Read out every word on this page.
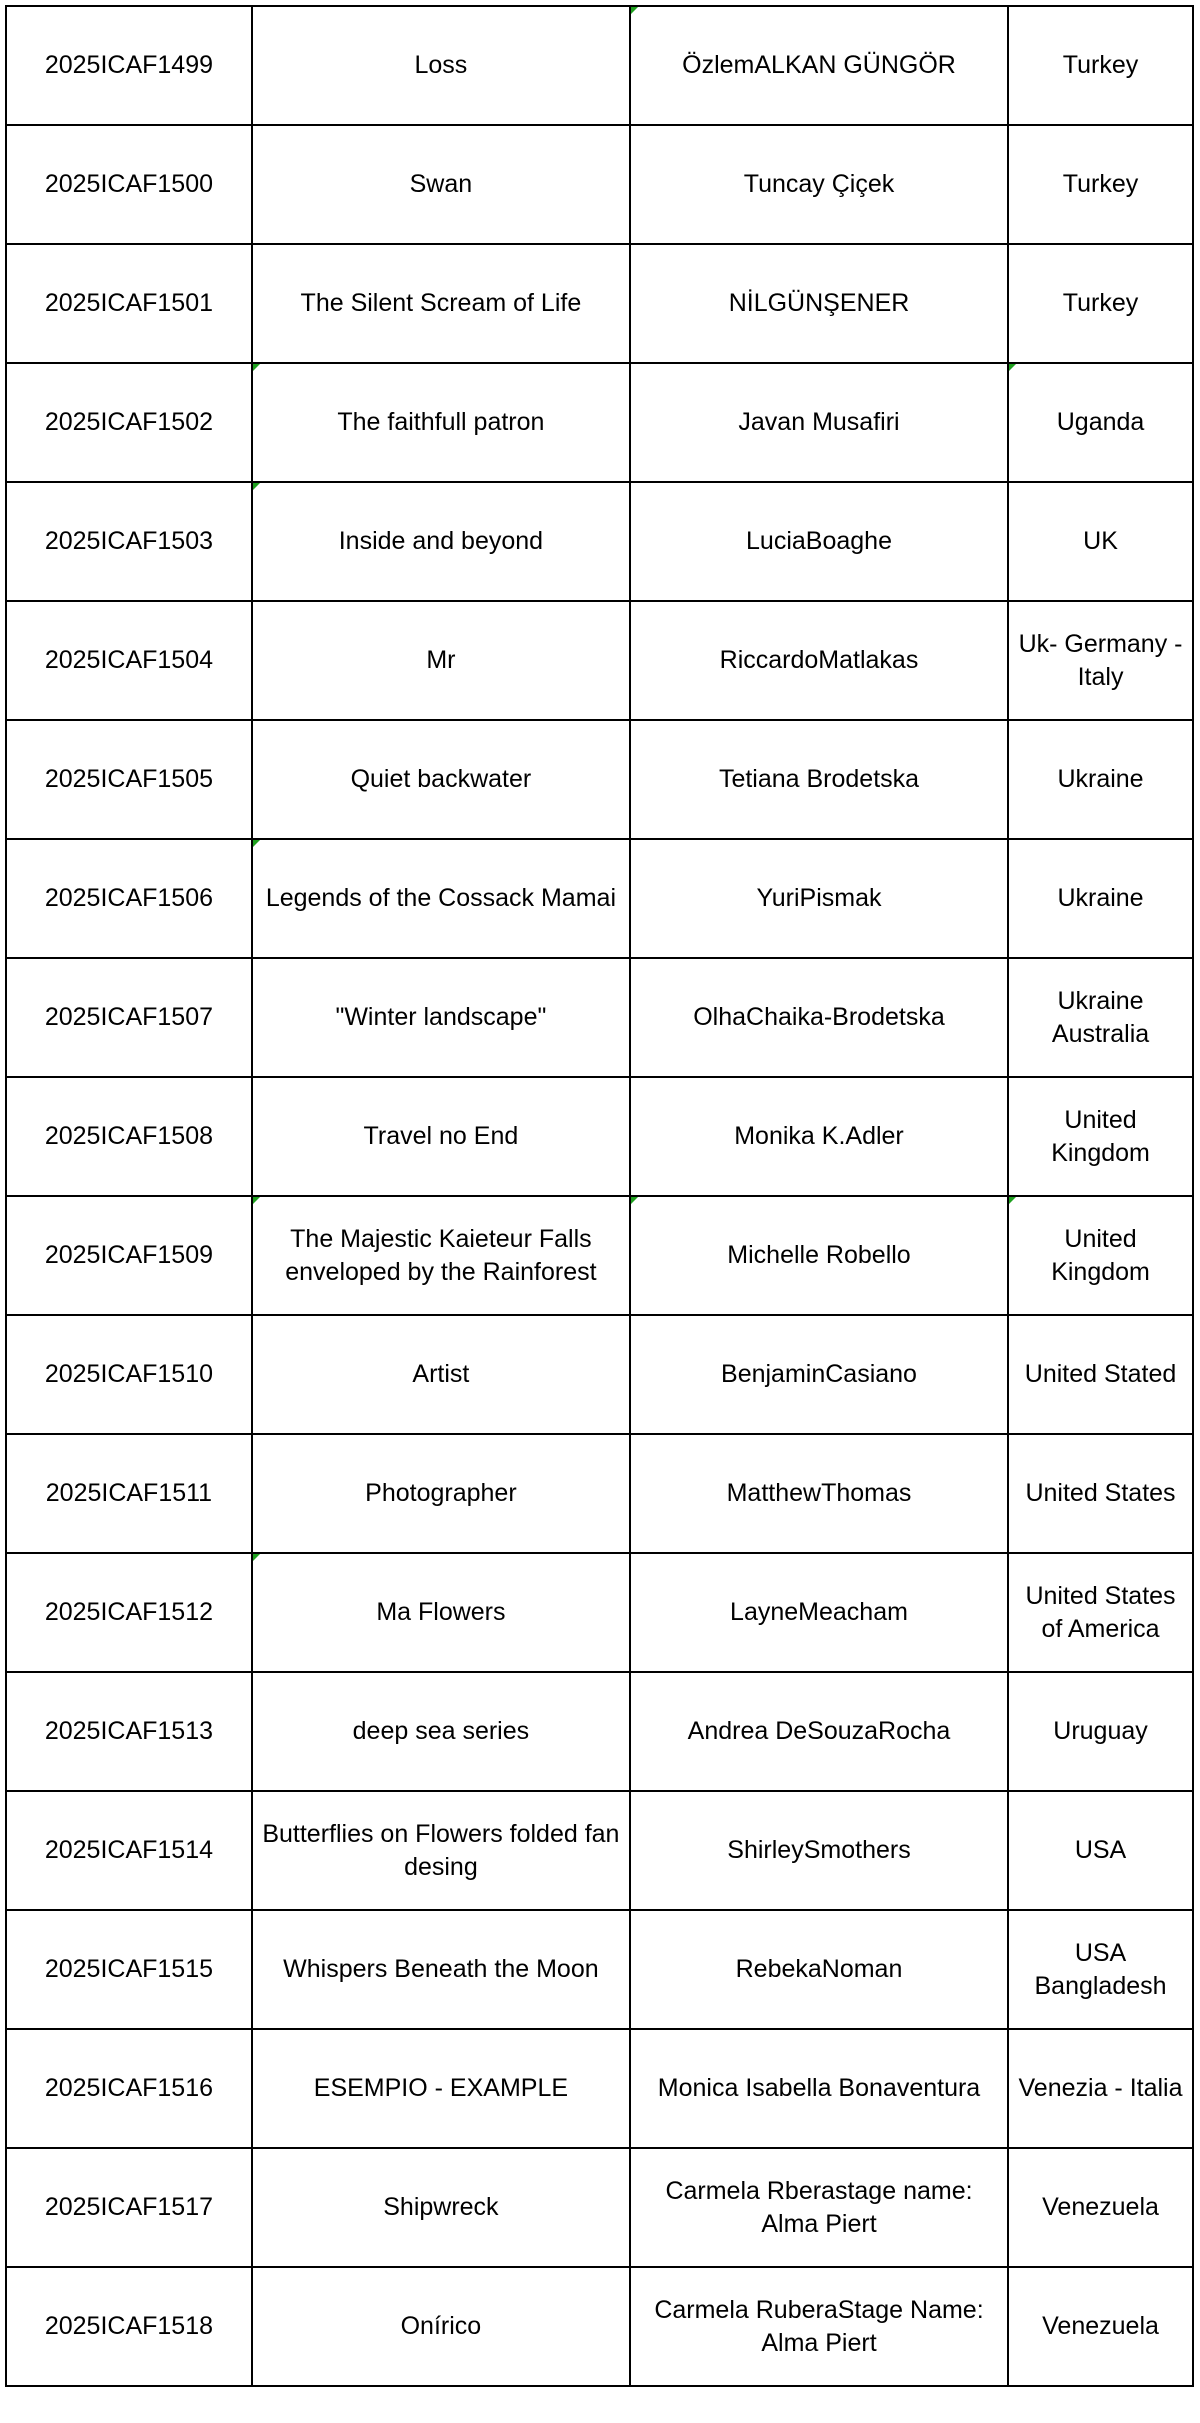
2025ICAF1499	Loss	ÖzlemALKAN GÜNGÖR	Turkey
2025ICAF1500	Swan	Tuncay Çiçek	Turkey
2025ICAF1501	The Silent Scream of Life	NİLGÜNŞENER	Turkey
2025ICAF1502	The faithfull patron	Javan Musafiri	Uganda
2025ICAF1503	Inside and beyond	LuciaBoaghe	UK
2025ICAF1504	Mr	RiccardoMatlakas	Uk- Germany - Italy
2025ICAF1505	Quiet backwater	Tetiana Brodetska	Ukraine
2025ICAF1506	Legends of the Cossack Mamai	YuriPismak	Ukraine
2025ICAF1507	"Winter landscape"	OlhaChaika-Brodetska	Ukraine Australia
2025ICAF1508	Travel no End	Monika K.Adler	United Kingdom
2025ICAF1509	The Majestic Kaieteur Falls enveloped by the Rainforest	Michelle Robello	United Kingdom
2025ICAF1510	Artist	BenjaminCasiano	United Stated
2025ICAF1511	Photographer	MatthewThomas	United States
2025ICAF1512	Ma Flowers	LayneMeacham	United States of America
2025ICAF1513	deep sea series	Andrea DeSouzaRocha	Uruguay
2025ICAF1514	Butterflies on Flowers folded fan desing	ShirleySmothers	USA
2025ICAF1515	Whispers Beneath the Moon	RebekaNoman	USA Bangladesh
2025ICAF1516	ESEMPIO - EXAMPLE	Monica Isabella Bonaventura	Venezia - Italia
2025ICAF1517	Shipwreck	Carmela Rberastage name: Alma Piert	Venezuela
2025ICAF1518	Onírico	Carmela RuberaStage Name: Alma Piert	Venezuela
